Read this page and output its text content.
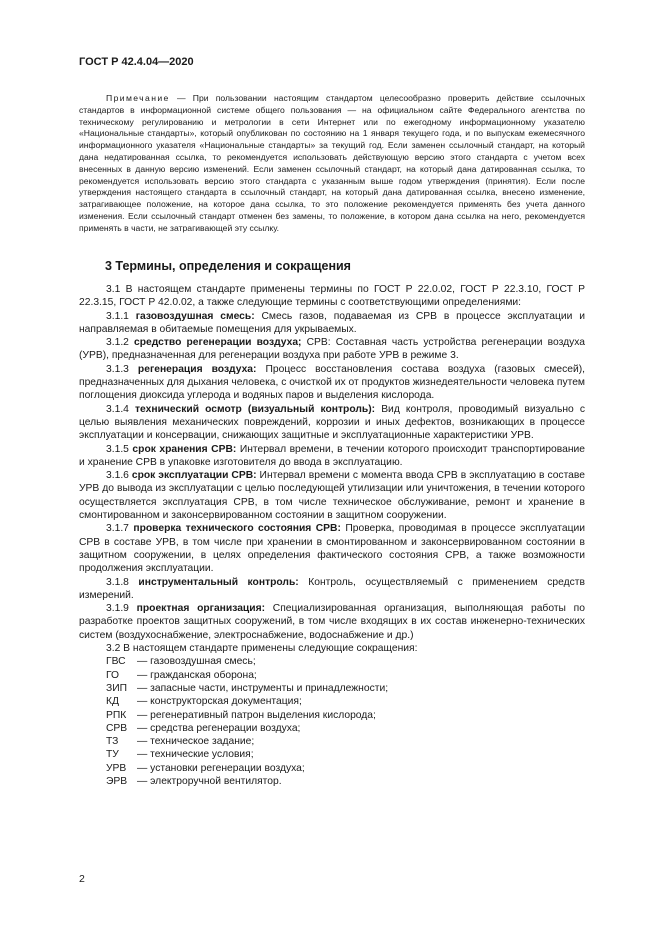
ГОСТ Р 42.4.04—2020
Примечание — При пользовании настоящим стандартом целесообразно проверить действие ссылочных стандартов в информационной системе общего пользования — на официальном сайте Федерального агентства по техническому регулированию и метрологии в сети Интернет или по ежегодному информационному указателю «Национальные стандарты», который опубликован по состоянию на 1 января текущего года, и по выпускам ежемесячного информационного указателя «Национальные стандарты» за текущий год. Если заменен ссылочный стандарт, на который дана недатированная ссылка, то рекомендуется использовать действующую версию этого стандарта с учетом всех внесенных в данную версию изменений. Если заменен ссылочный стандарт, на который дана датированная ссылка, то рекомендуется использовать версию этого стандарта с указанным выше годом утверждения (принятия). Если после утверждения настоящего стандарта в ссылочный стандарт, на который дана датированная ссылка, внесено изменение, затрагивающее положение, на которое дана ссылка, то это положение рекомендуется применять без учета данного изменения. Если ссылочный стандарт отменен без замены, то положение, в котором дана ссылка на него, рекомендуется применять в части, не затрагивающей эту ссылку.
3 Термины, определения и сокращения

3.1 В настоящем стандарте применены термины по ГОСТ Р 22.0.02, ГОСТ Р 22.3.10, ГОСТ Р 22.3.15, ГОСТ Р 42.0.02, а также следующие термины с соответствующими определениями:

3.1.1 газовоздушная смесь: Смесь газов, подаваемая из СРВ в процессе эксплуатации и направляемая в обитаемые помещения для укрываемых.

3.1.2 средство регенерации воздуха; СРВ: Составная часть устройства регенерации воздуха (УРВ), предназначенная для регенерации воздуха при работе УРВ в режиме 3.

3.1.3 регенерация воздуха: Процесс восстановления состава воздуха (газовых смесей), предназначенных для дыхания человека, с очисткой их от продуктов жизнедеятельности человека путем поглощения диоксида углерода и водяных паров и выделения кислорода.

3.1.4 технический осмотр (визуальный контроль): Вид контроля, проводимый визуально с целью выявления механических повреждений, коррозии и иных дефектов, возникающих в процессе эксплуатации и консервации, снижающих защитные и эксплуатационные характеристики УРВ.

3.1.5 срок хранения СРВ: Интервал времени, в течении которого происходит транспортирование и хранение СРВ в упаковке изготовителя до ввода в эксплуатацию.

3.1.6 срок эксплуатации СРВ: Интервал времени с момента ввода СРВ в эксплуатацию в составе УРВ до вывода из эксплуатации с целью последующей утилизации или уничтожения, в течении которого осуществляется эксплуатация СРВ, в том числе техническое обслуживание, ремонт и хранение в смонтированном и законсервированном состоянии в защитном сооружении.

3.1.7 проверка технического состояния СРВ: Проверка, проводимая в процессе эксплуатации СРВ в составе УРВ, в том числе при хранении в смонтированном и законсервированном состоянии в защитном сооружении, в целях определения фактического состояния СРВ, а также возможности продолжения эксплуатации.

3.1.8 инструментальный контроль: Контроль, осуществляемый с применением средств измерений.

3.1.9 проектная организация: Специализированная организация, выполняющая работы по разработке проектов защитных сооружений, в том числе входящих в их состав инженерно-технических систем (воздухоснабжение, электроснабжение, водоснабжение и др.)

3.2 В настоящем стандарте применены следующие сокращения:

ГВС	— газовоздушная смесь;
ГО	— гражданская оборона;
ЗИП — запасные части, инструменты и принадлежности;
КД	— конструкторская документация;
РПК	— регенеративный патрон выделения кислорода;
СРВ — средства регенерации воздуха;
ТЗ	— техническое задание;
ТУ	— технические условия;
УРВ	— установки регенерации воздуха;
ЭРВ — электроручной вентилятор.
2
